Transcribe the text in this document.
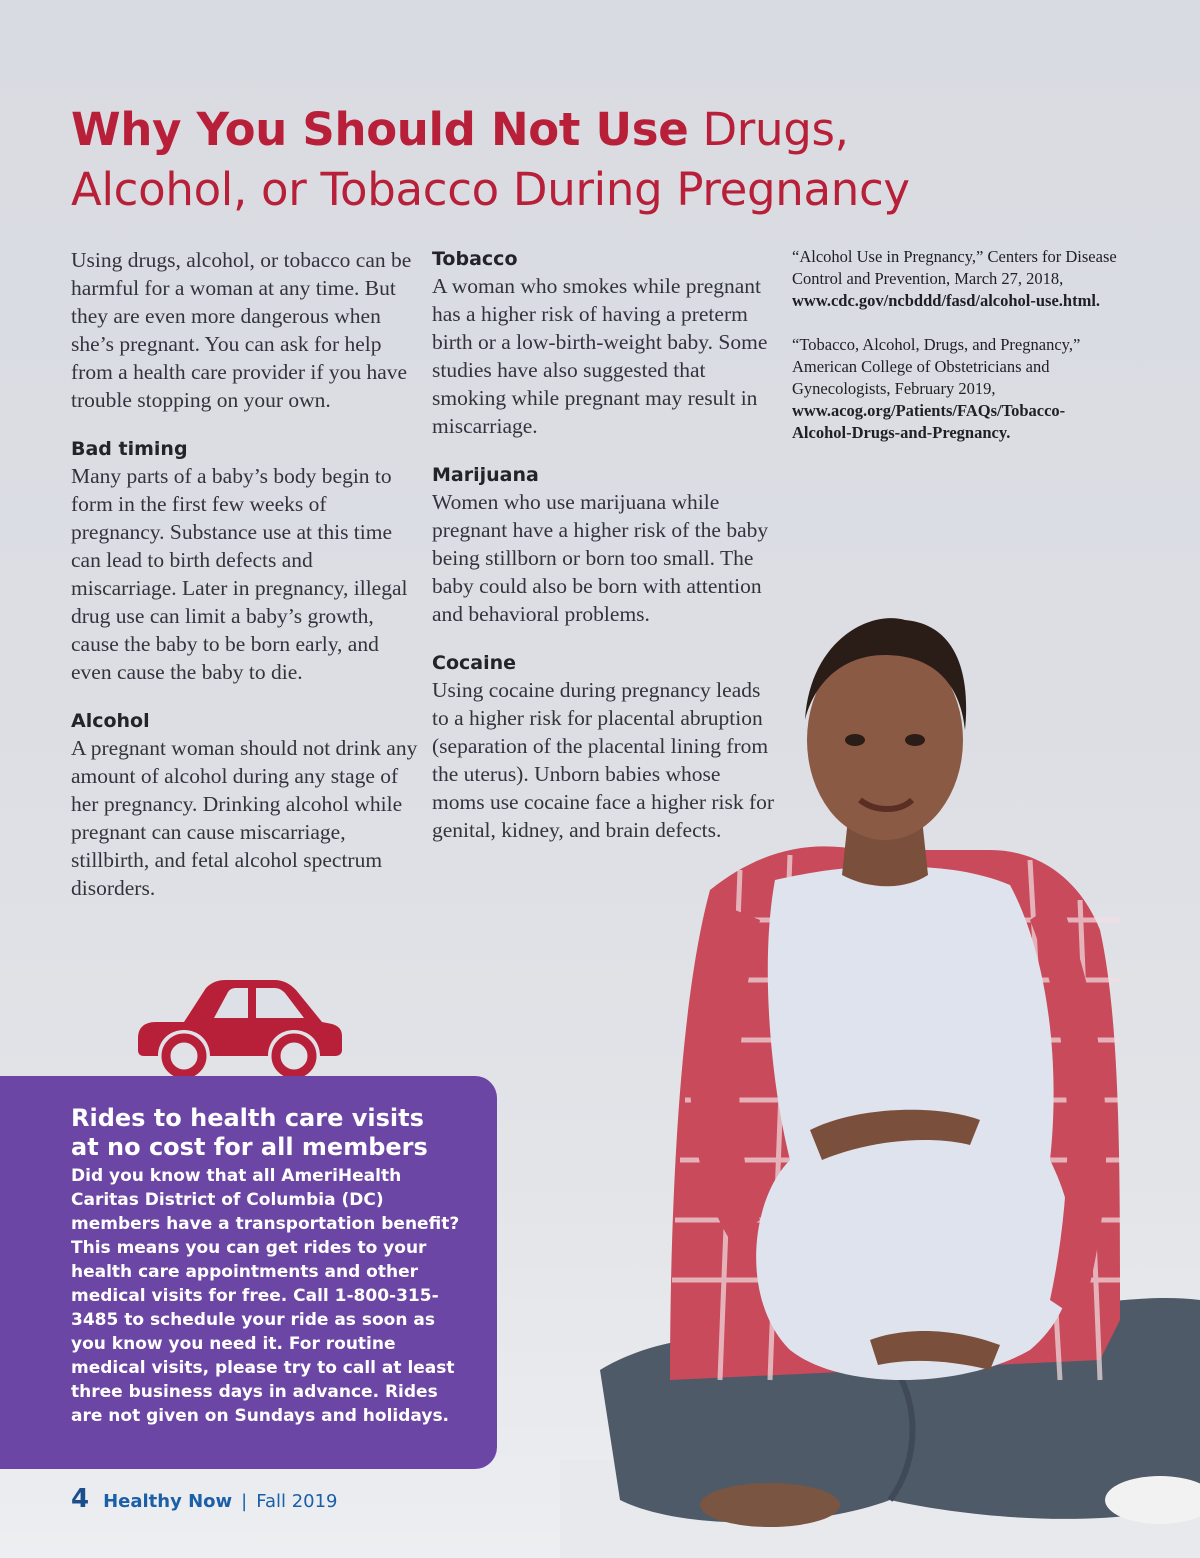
Why You Should Not Use Drugs,
Alcohol, or Tobacco During Pregnancy

Using drugs, alcohol, or tobacco can be harmful for a woman at any time. But they are even more dangerous when she’s pregnant. You can ask for help from a health care provider if you have trouble stopping on your own.

Bad timing

Many parts of a baby’s body begin to form in the first few weeks of pregnancy. Substance use at this time can lead to birth defects and miscarriage. Later in pregnancy, illegal drug use can limit a baby’s growth, cause the baby to be born early, and even cause the baby to die.

Alcohol

A pregnant woman should not drink any amount of alcohol during any stage of her pregnancy. Drinking alcohol while pregnant can cause miscarriage, stillbirth, and fetal alcohol spectrum disorders.

Tobacco

A woman who smokes while pregnant has a higher risk of having a preterm birth or a low-birth-weight baby. Some studies have also suggested that smoking while pregnant may result in miscarriage.

Marijuana

Women who use marijuana while pregnant have a higher risk of the baby being stillborn or born too small. The baby could also be born with attention and behavioral problems.

Cocaine

Using cocaine during pregnancy leads to a higher risk for placental abruption (separation of the placental lining from the uterus). Unborn babies whose moms use cocaine face a higher risk for genital, kidney, and brain defects.

“Alcohol Use in Pregnancy,” Centers for Disease Control and Prevention, March 27, 2018, www.cdc.gov/ncbddd/fasd/alcohol-use.html.

“Tobacco, Alcohol, Drugs, and Pregnancy,” American College of Obstetricians and Gynecologists, February 2019, www.acog.org/Patients/FAQs/Tobacco-Alcohol-Drugs-and-Pregnancy.

Rides to health care visits
at no cost for all members

Did you know that all AmeriHealth Caritas District of Columbia (DC) members have a transportation benefit? This means you can get rides to your health care appointments and other medical visits for free. Call 1-800-315-3485 to schedule your ride as soon as you know you need it. For routine medical visits, please try to call at least three business days in advance. Rides are not given on Sundays and holidays.

4 Healthy Now | Fall 2019
